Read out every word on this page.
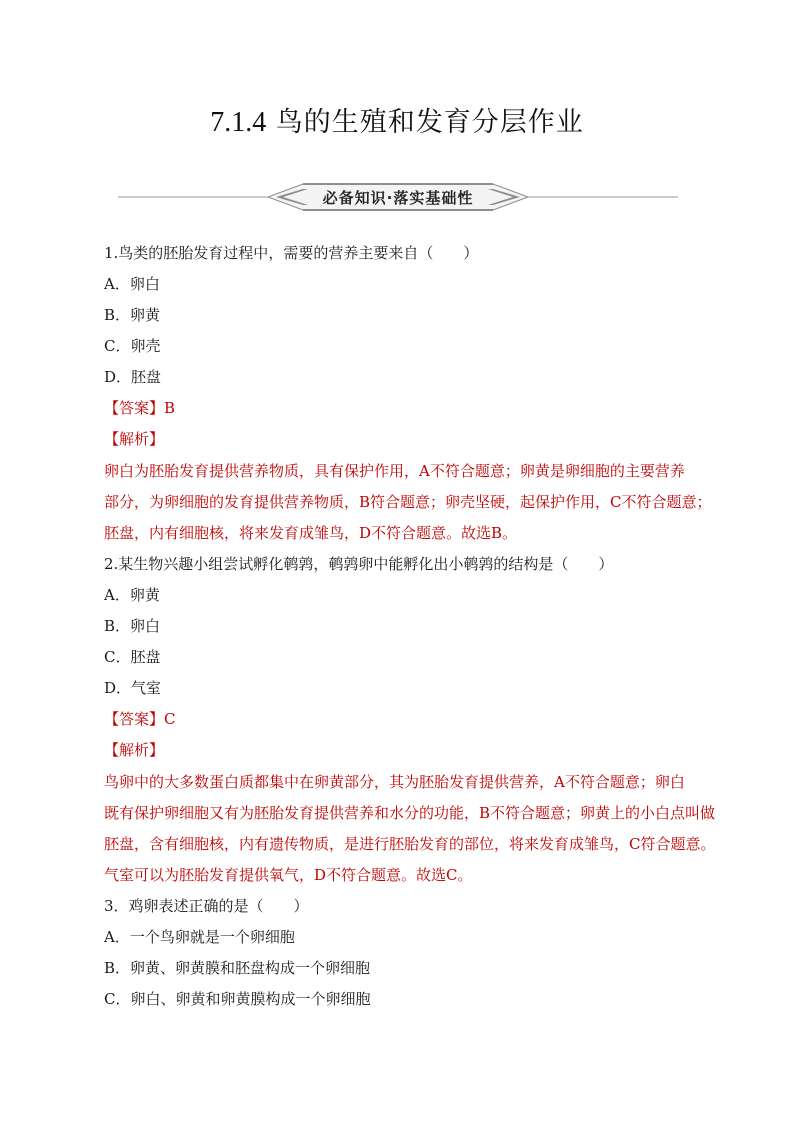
7.1.4 鸟的生殖和发育分层作业
必备知识·落实基础性
1.鸟类的胚胎发育过程中，需要的营养主要来自（　　）
A．卵白
B．卵黄
C．卵壳
D．胚盘
【答案】B
【解析】
卵白为胚胎发育提供营养物质，具有保护作用，A不符合题意；卵黄是卵细胞的主要营养
部分，为卵细胞的发育提供营养物质，B符合题意；卵壳坚硬，起保护作用，C不符合题意；
胚盘，内有细胞核，将来发育成雏鸟，D不符合题意。故选B。
2.某生物兴趣小组尝试孵化鹌鹑，鹌鹑卵中能孵化出小鹌鹑的结构是（　　）
A．卵黄
B．卵白
C．胚盘
D．气室
【答案】C
【解析】
鸟卵中的大多数蛋白质都集中在卵黄部分，其为胚胎发育提供营养，A不符合题意；卵白
既有保护卵细胞又有为胚胎发育提供营养和水分的功能，B不符合题意；卵黄上的小白点叫做
胚盘，含有细胞核，内有遗传物质，是进行胚胎发育的部位，将来发育成雏鸟，C符合题意。
气室可以为胚胎发育提供氧气，D不符合题意。故选C。
3．鸡卵表述正确的是（　　）
A．一个鸟卵就是一个卵细胞
B．卵黄、卵黄膜和胚盘构成一个卵细胞
C．卵白、卵黄和卵黄膜构成一个卵细胞
